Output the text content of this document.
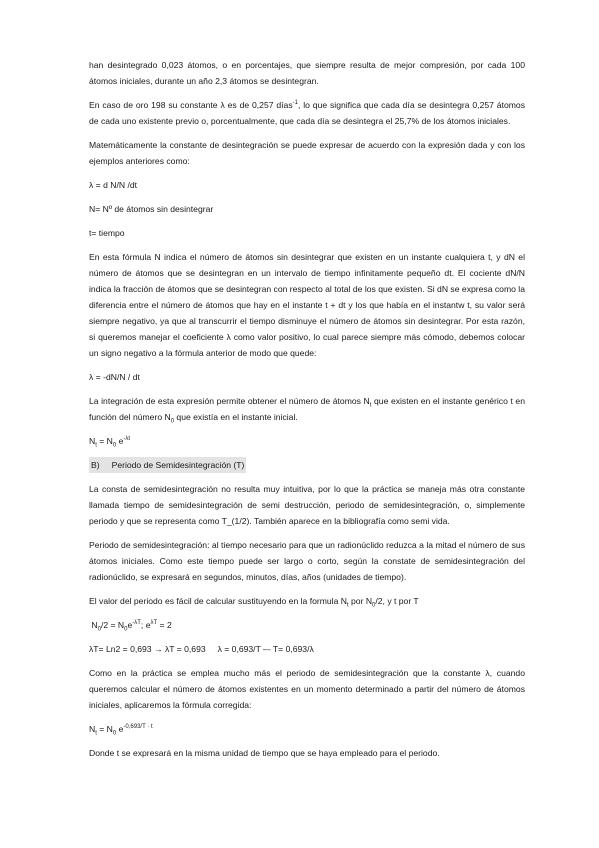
han desintegrado 0,023 átomos, o en porcentajes, que siempre resulta de mejor compresión, por cada 100 átomos iniciales, durante un año 2,3 átomos se desintegran.

En caso de oro 198 su constante λ es de 0,257 días$^{-1}$, lo que significa que cada día se desintegra 0,257 átomos de cada uno existente previo o, porcentualmente, que cada día se desintegra el 25,7% de los átomos iniciales.

Matemáticamente la constante de desintegración se puede expresar de acuerdo con la expresión dada y con los ejemplos anteriores como:

λ = d N/N /dt

N= Nº de átomos sin desintegrar

t= tiempo

En esta fórmula N indica el número de átomos sin desintegrar que existen en un instante cualquiera t, y dN el número de átomos que se desintegran en un intervalo de tiempo infinitamente pequeño dt. El cociente dN/N indica la fracción de átomos que se desintegran con respecto al total de los que existen. Si dN se expresa como la diferencia entre el número de átomos que hay en el instante t + dt y los que había en el instantw t, su valor será siempre negativo, ya que al transcurrir el tiempo disminuye el número de átomos sin desintegrar. Por esta razón, si queremos manejar el coeficiente λ como valor positivo, lo cual parece siempre más cómodo, debemos colocar un signo negativo a la fórmula anterior de modo que quede:

λ = -dN/N / dt

La integración de esta expresión permite obtener el número de átomos $N_t$ que existen en el instante genérico t en función del número $N_0$ que existía en el instante inicial.

$N_t = N_0$ $e^{-\lambda t}$

B) Periodo de Semidesintegración (T)

La consta de semidesintegración no resulta muy intuitiva, por lo que la práctica se maneja más otra constante llamada tiempo de semidesintegración de semi destrucción, periodo de semidesintegración, o, simplemente periodo y que se representa como T_(1/2). También aparece en la bibliografía como semi vida.

Periodo de semidesintegración: al tiempo necesario para que un radionúclido reduzca a la mitad el número de sus átomos iniciales. Como este tiempo puede ser largo o corto, según la constate de semidesintegración del radionúclido, se expresará en segundos, minutos, días, años (unidades de tiempo).

El valor del periodo es fácil de calcular sustituyendo en la formula $N_t$ por $N_0/2$, y t por T

$N_0/2 = N_0e^{-\lambda T}$; $e^{\lambda T} = 2$

λT= Ln2 = 0,693 → λT = 0,693     λ = 0,693/T –- T= 0,693/λ

Como en la práctica se emplea mucho más el periodo de semidesintegración que la constante λ, cuando queremos calcular el número de átomos existentes en un momento determinado a partir del número de átomos iniciales, aplicaremos la fórmula corregida:

$N_t = N_0$ $e^{-0,693/T \cdot t}$

Donde t se expresará en la misma unidad de tiempo que se haya empleado para el periodo.
